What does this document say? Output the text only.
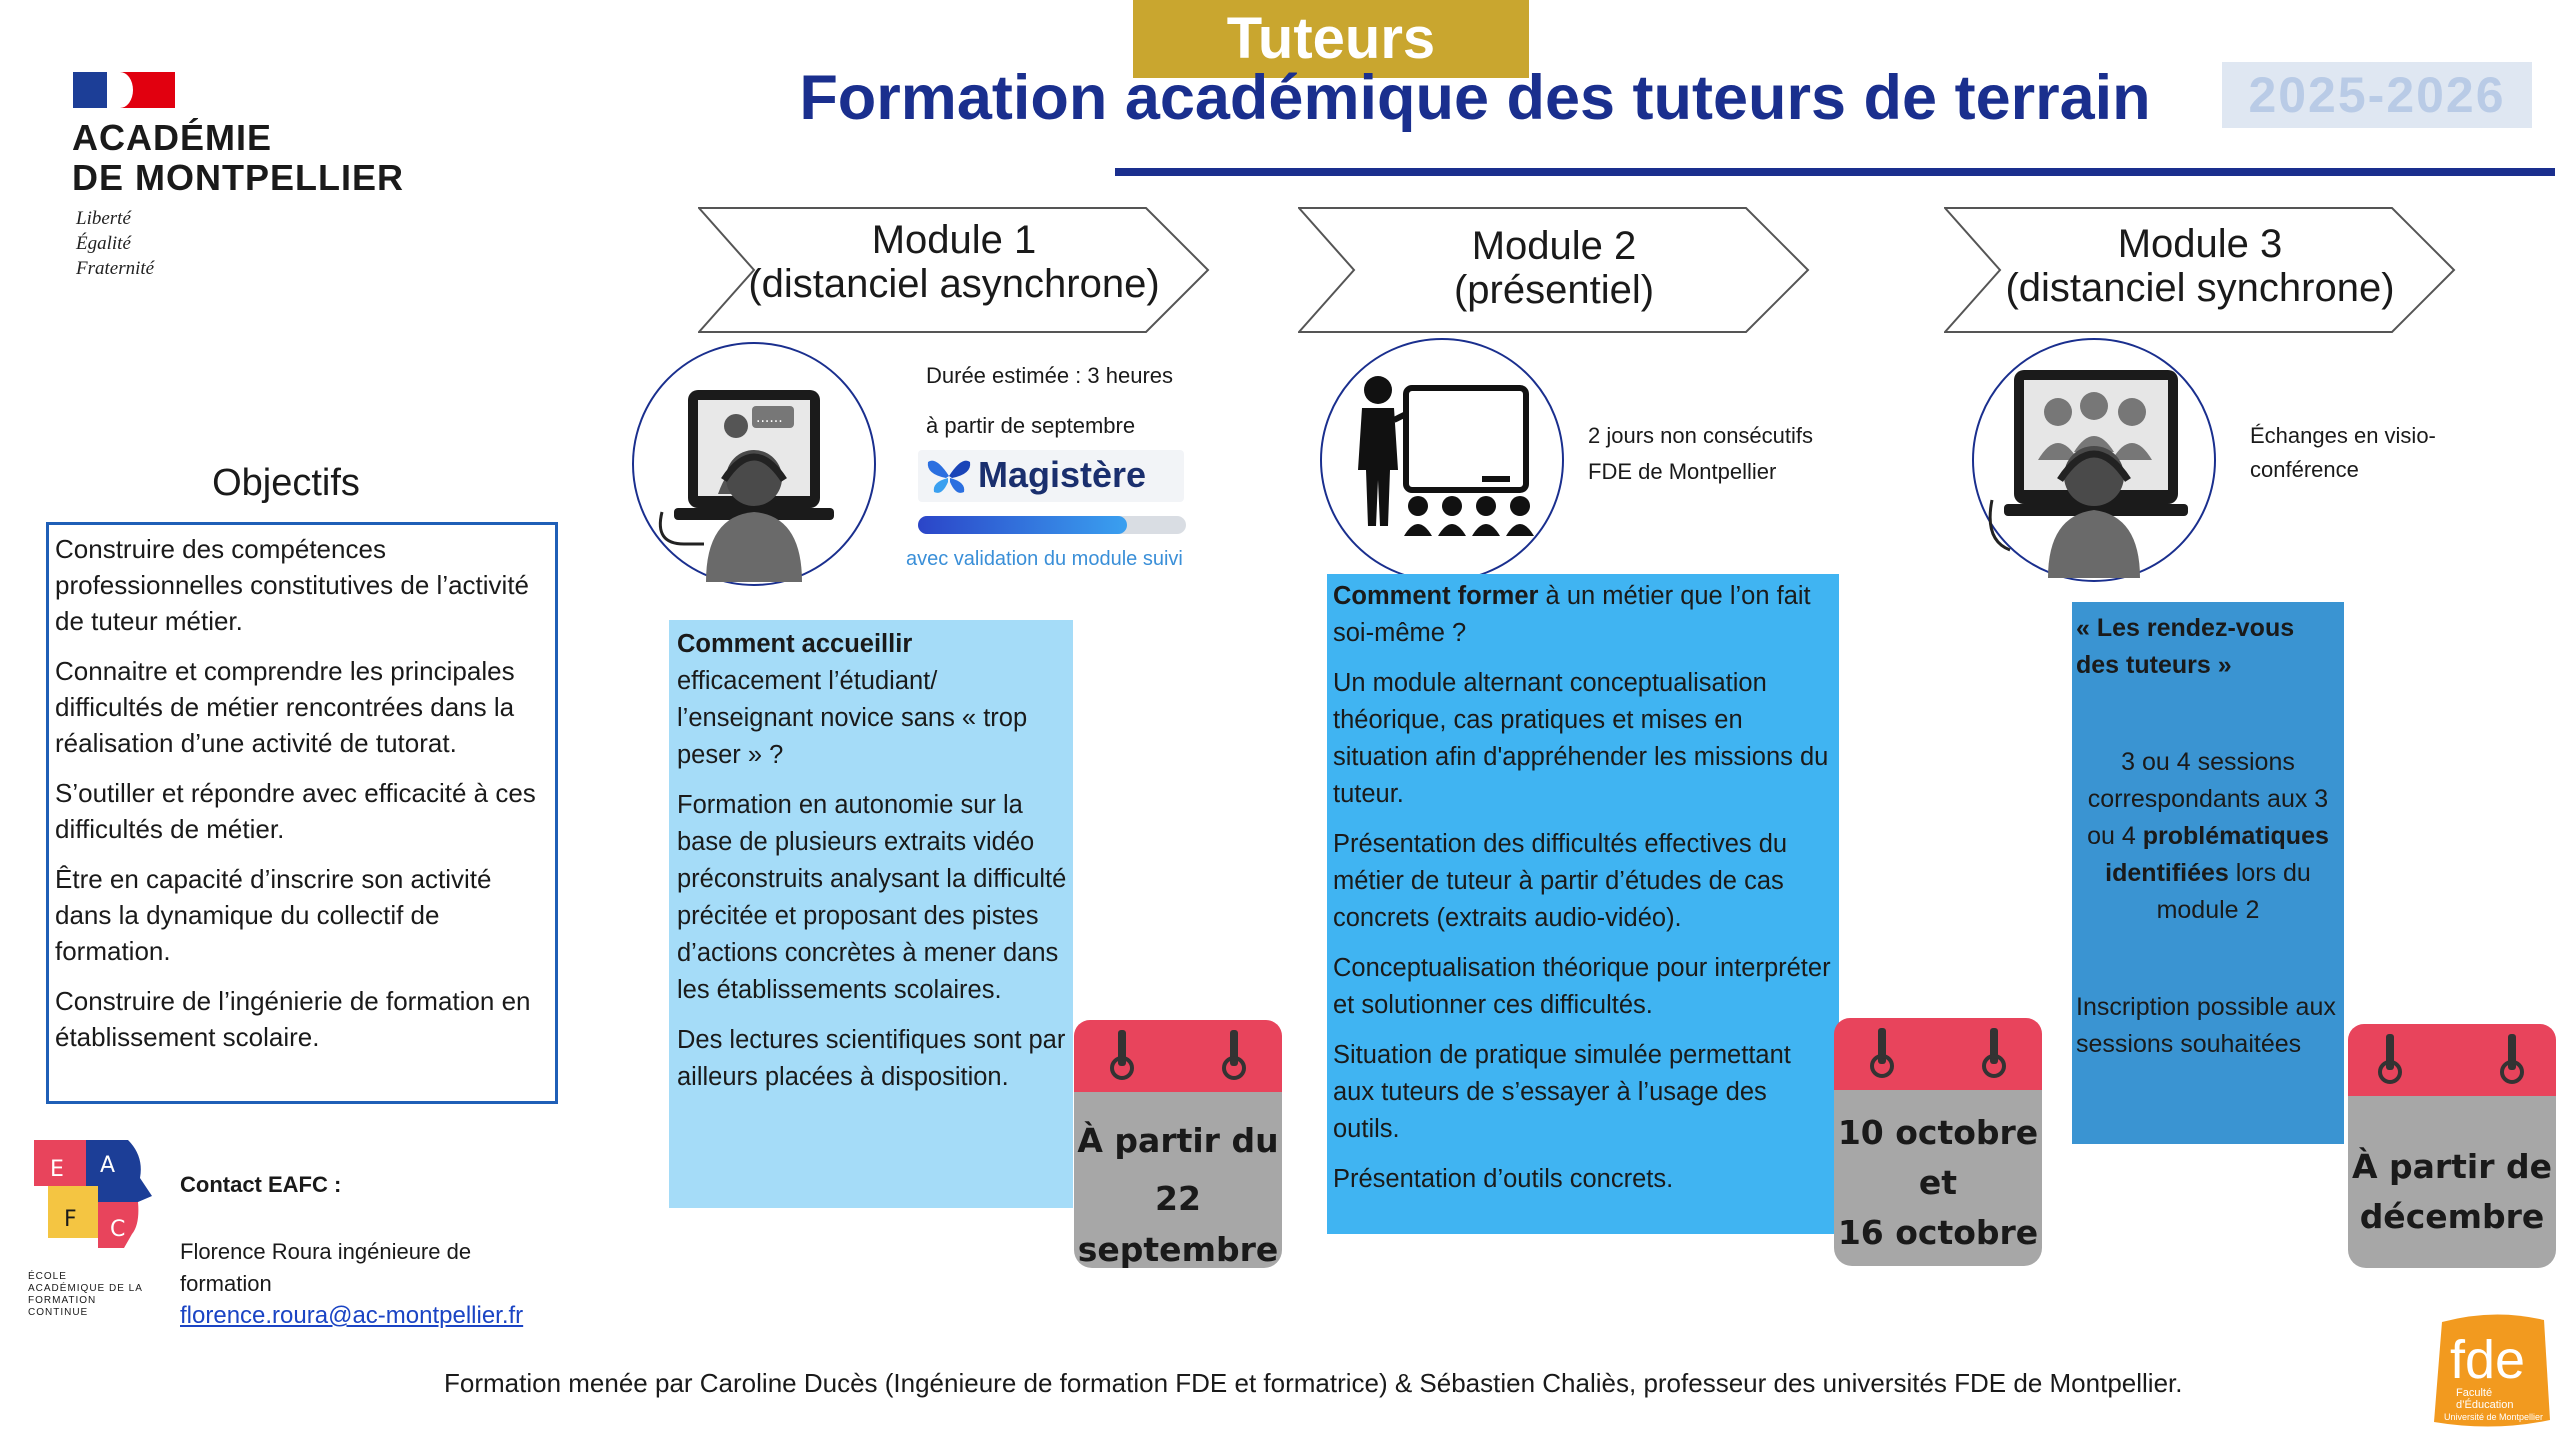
Tuteurs
Formation académique des tuteurs de terrain	2025-2026
ACADÉMIE
DE MONTPELLIER
Liberté
Égalité
Fraternité
Module 1
(distanciel asynchrone)
Module 2
(présentiel)
Module 3
(distanciel synchrone)
......
Durée estimée : 3 heures
à partir de septembre
Magistère
avec validation du module suivi
2 jours non consécutifs
FDE de Montpellier
Échanges en visio-
conférence
Objectifs

Construire des compétences professionnelles constitutives de l’activité de tuteur métier.

Connaitre et comprendre les principales difficultés de métier rencontrées dans la réalisation d’une activité de tutorat.

S’outiller et répondre avec efficacité à ces difficultés de métier.

Être en capacité d’inscrire son activité dans la dynamique du collectif de formation.

Construire de l’ingénierie de formation en établissement scolaire.

Comment accueillir
efficacement l’étudiant/ l’enseignant novice sans « trop peser » ?

Formation en autonomie sur la base de plusieurs extraits vidéo préconstruits analysant la difficulté précitée et proposant des pistes d’actions concrètes à mener dans les établissements scolaires.

Des lectures scientifiques sont par ailleurs placées à disposition.

Comment former à un métier que l’on fait soi-même ?

Un module alternant conceptualisation théorique, cas pratiques et mises en situation afin d'appréhender les missions du tuteur.

Présentation des difficultés effectives du métier de tuteur à partir d’études de cas concrets (extraits audio-vidéo).

Conceptualisation théorique pour interpréter et solutionner ces difficultés.

Situation de pratique simulée permettant aux tuteurs de s’essayer à l’usage des outils.

Présentation d’outils concrets.

« Les rendez-vous des tuteurs »

3 ou 4 sessions correspondants aux 3 ou 4 problématiques identifiées lors du module 2

Inscription possible aux sessions souhaitées

À partir du
22
septembre
10 octobre
et
16 octobre
À partir de
décembre
E A
F C
ÉCOLE
ACADÉMIQUE DE LA
FORMATION
CONTINUE
Contact EAFC :
Florence Roura ingénieure de formation
florence.roura@ac-montpellier.fr
Formation menée par Caroline Ducès (Ingénieure de formation FDE et formatrice) & Sébastien Chaliès, professeur des universités FDE de Montpellier.	fde
Faculté
d’Éducation
Université de Montpellier
